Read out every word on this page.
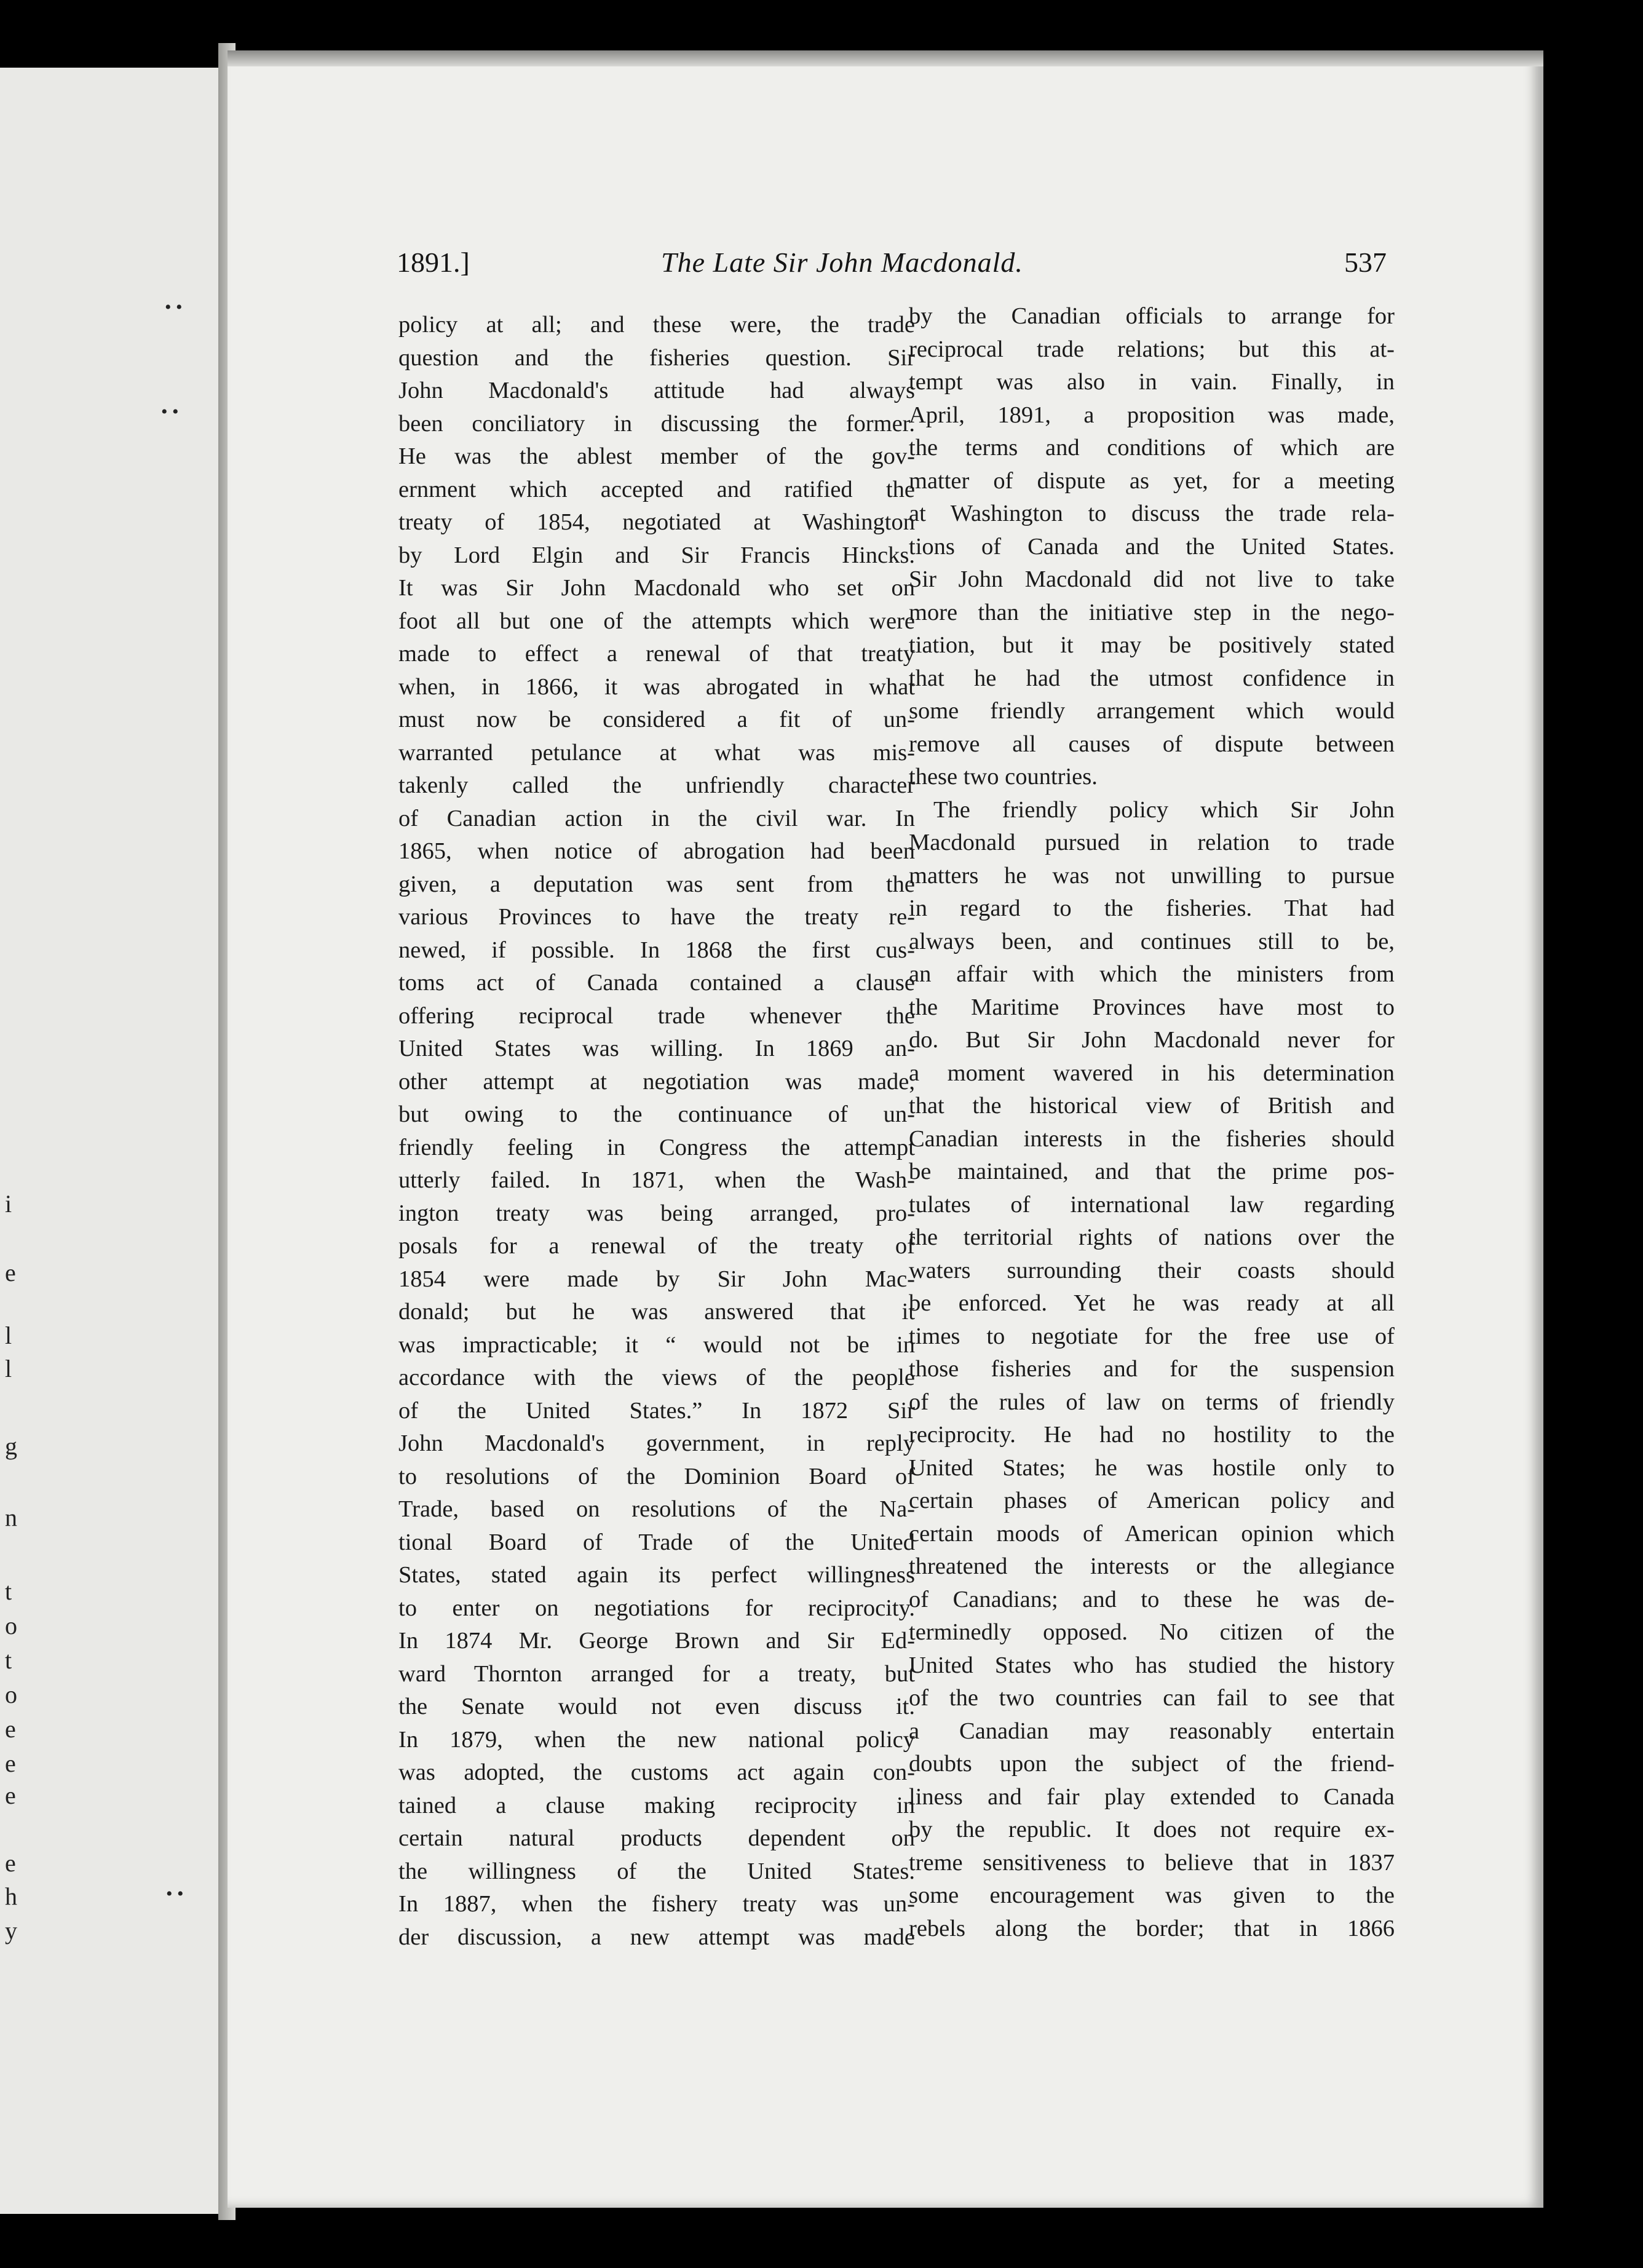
• •
• •
• •
i
l
l
g
n
t
o
t
o
e
e
e
e
h
y
e
1891.]	The Late Sir John Macdonald.	537
policy at all; and these were, the trade
question and the fisheries question. Sir
John Macdonald's attitude had always
been conciliatory in discussing the former.
He was the ablest member of the gov-
ernment which accepted and ratified the
treaty of 1854, negotiated at Washington
by Lord Elgin and Sir Francis Hincks.
It was Sir John Macdonald who set on
foot all but one of the attempts which were
made to effect a renewal of that treaty
when, in 1866, it was abrogated in what
must now be considered a fit of un-
warranted petulance at what was mis-
takenly called the unfriendly character
of Canadian action in the civil war. In
1865, when notice of abrogation had been
given, a deputation was sent from the
various Provinces to have the treaty re-
newed, if possible. In 1868 the first cus-
toms act of Canada contained a clause
offering reciprocal trade whenever the
United States was willing. In 1869 an-
other attempt at negotiation was made,
but owing to the continuance of un-
friendly feeling in Congress the attempt
utterly failed. In 1871, when the Wash-
ington treaty was being arranged, pro-
posals for a renewal of the treaty of
1854 were made by Sir John Mac-
donald; but he was answered that it
was impracticable; it “ would not be in
accordance with the views of the people
of the United States.” In 1872 Sir
John Macdonald's government, in reply
to resolutions of the Dominion Board of
Trade, based on resolutions of the Na-
tional Board of Trade of the United
States, stated again its perfect willingness
to enter on negotiations for reciprocity.
In 1874 Mr. George Brown and Sir Ed-
ward Thornton arranged for a treaty, but
the Senate would not even discuss it.
In 1879, when the new national policy
was adopted, the customs act again con-
tained a clause making reciprocity in
certain natural products dependent on
the willingness of the United States.
In 1887, when the fishery treaty was un-
der discussion, a new attempt was made
by the Canadian officials to arrange for
reciprocal trade relations; but this at-
tempt was also in vain. Finally, in
April, 1891, a proposition was made,
the terms and conditions of which are
matter of dispute as yet, for a meeting
at Washington to discuss the trade rela-
tions of Canada and the United States.
Sir John Macdonald did not live to take
more than the initiative step in the nego-
tiation, but it may be positively stated
that he had the utmost confidence in
some friendly arrangement which would
remove all causes of dispute between
these two countries.
The friendly policy which Sir John
Macdonald pursued in relation to trade
matters he was not unwilling to pursue
in regard to the fisheries. That had
always been, and continues still to be,
an affair with which the ministers from
the Maritime Provinces have most to
do. But Sir John Macdonald never for
a moment wavered in his determination
that the historical view of British and
Canadian interests in the fisheries should
be maintained, and that the prime pos-
tulates of international law regarding
the territorial rights of nations over the
waters surrounding their coasts should
be enforced. Yet he was ready at all
times to negotiate for the free use of
those fisheries and for the suspension
of the rules of law on terms of friendly
reciprocity. He had no hostility to the
United States; he was hostile only to
certain phases of American policy and
certain moods of American opinion which
threatened the interests or the allegiance
of Canadians; and to these he was de-
terminedly opposed. No citizen of the
United States who has studied the history
of the two countries can fail to see that
a Canadian may reasonably entertain
doubts upon the subject of the friend-
liness and fair play extended to Canada
by the republic. It does not require ex-
treme sensitiveness to believe that in 1837
some encouragement was given to the
rebels along the border; that in 1866
